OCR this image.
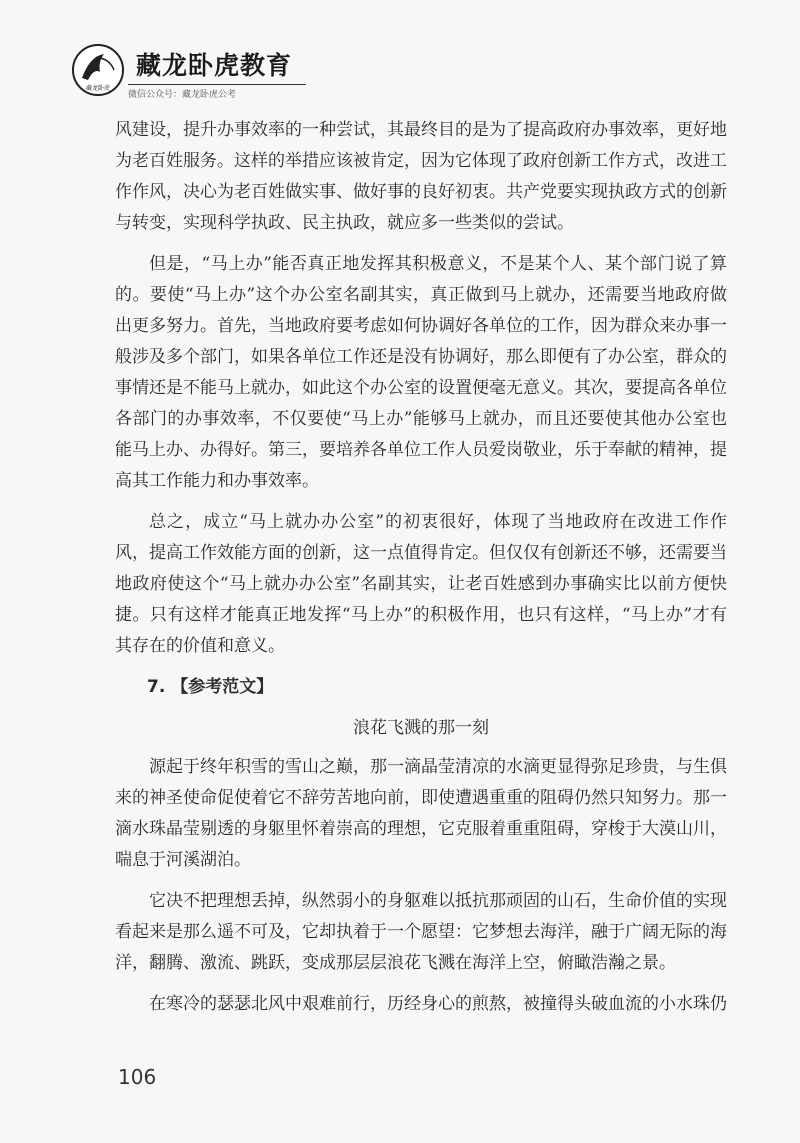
藏龙卧虎
藏龙卧虎教育
微信公众号：藏龙卧虎公考

风建设，提升办事效率的一种尝试，其最终目的是为了提高政府办事效率，更好地为老百姓服务。这样的举措应该被肯定，因为它体现了政府创新工作方式，改进工作作风，决心为老百姓做实事、做好事的良好初衷。共产党要实现执政方式的创新与转变，实现科学执政、民主执政，就应多一些类似的尝试。

但是，“马上办”能否真正地发挥其积极意义，不是某个人、某个部门说了算的。要使“马上办”这个办公室名副其实，真正做到马上就办，还需要当地政府做出更多努力。首先，当地政府要考虑如何协调好各单位的工作，因为群众来办事一般涉及多个部门，如果各单位工作还是没有协调好，那么即便有了办公室，群众的事情还是不能马上就办，如此这个办公室的设置便毫无意义。其次，要提高各单位各部门的办事效率，不仅要使“马上办”能够马上就办，而且还要使其他办公室也能马上办、办得好。第三，要培养各单位工作人员爱岗敬业，乐于奉献的精神，提高其工作能力和办事效率。

总之，成立“马上就办办公室”的初衷很好，体现了当地政府在改进工作作风，提高工作效能方面的创新，这一点值得肯定。但仅仅有创新还不够，还需要当地政府使这个“马上就办办公室”名副其实，让老百姓感到办事确实比以前方便快捷。只有这样才能真正地发挥“马上办”的积极作用，也只有这样，“马上办”才有其存在的价值和意义。

7. 【参考范文】
浪花飞溅的那一刻

源起于终年积雪的雪山之巅，那一滴晶莹清凉的水滴更显得弥足珍贵，与生俱来的神圣使命促使着它不辞劳苦地向前，即使遭遇重重的阻碍仍然只知努力。那一滴水珠晶莹剔透的身躯里怀着崇高的理想，它克服着重重阻碍，穿梭于大漠山川，喘息于河溪湖泊。

它决不把理想丢掉，纵然弱小的身躯难以抵抗那顽固的山石，生命价值的实现看起来是那么遥不可及，它却执着于一个愿望：它梦想去海洋，融于广阔无际的海洋，翻腾、激流、跳跃，变成那层层浪花飞溅在海洋上空，俯瞰浩瀚之景。

在寒冷的瑟瑟北风中艰难前行，历经身心的煎熬，被撞得头破血流的小水珠仍

106
